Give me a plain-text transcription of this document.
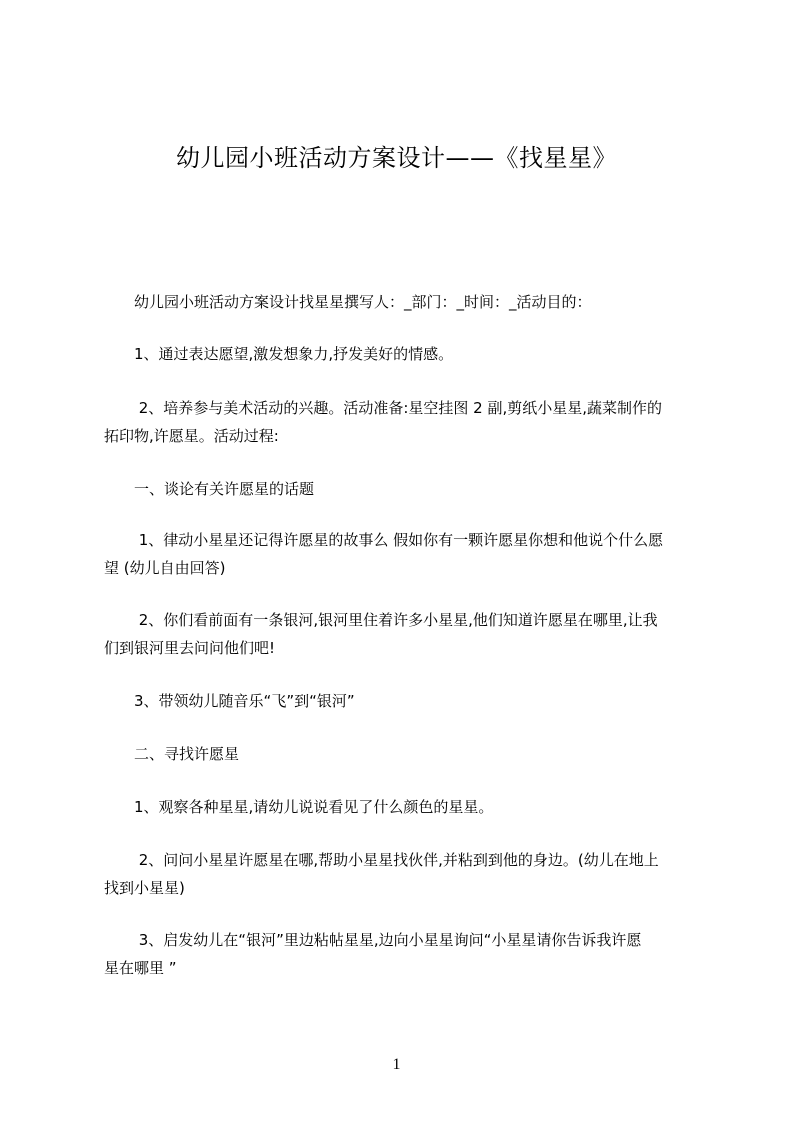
幼儿园小班活动方案设计——《找星星》
　　幼儿园小班活动方案设计找星星撰写人：_部门：_时间：_活动目的：
　　1、通过表达愿望,激发想象力,抒发美好的情感。
　　 2、培养参与美术活动的兴趣。活动准备:星空挂图 2 副,剪纸小星星,蔬菜制作的
拓印物,许愿星。活动过程:
　　一、谈论有关许愿星的话题
　　 1、律动小星星还记得许愿星的故事么 假如你有一颗许愿星你想和他说个什么愿
望 (幼儿自由回答)
　　 2、你们看前面有一条银河,银河里住着许多小星星,他们知道许愿星在哪里,让我
们到银河里去问问他们吧!
　　3、带领幼儿随音乐“飞”到“银河”
　　二、寻找许愿星
　　1、观察各种星星,请幼儿说说看见了什么颜色的星星。
　　 2、问问小星星许愿星在哪,帮助小星星找伙伴,并粘到到他的身边。(幼儿在地上
找到小星星)
　　 3、启发幼儿在“银河”里边粘帖星星,边向小星星询问“小星星请你告诉我许愿
星在哪里 ”
1
